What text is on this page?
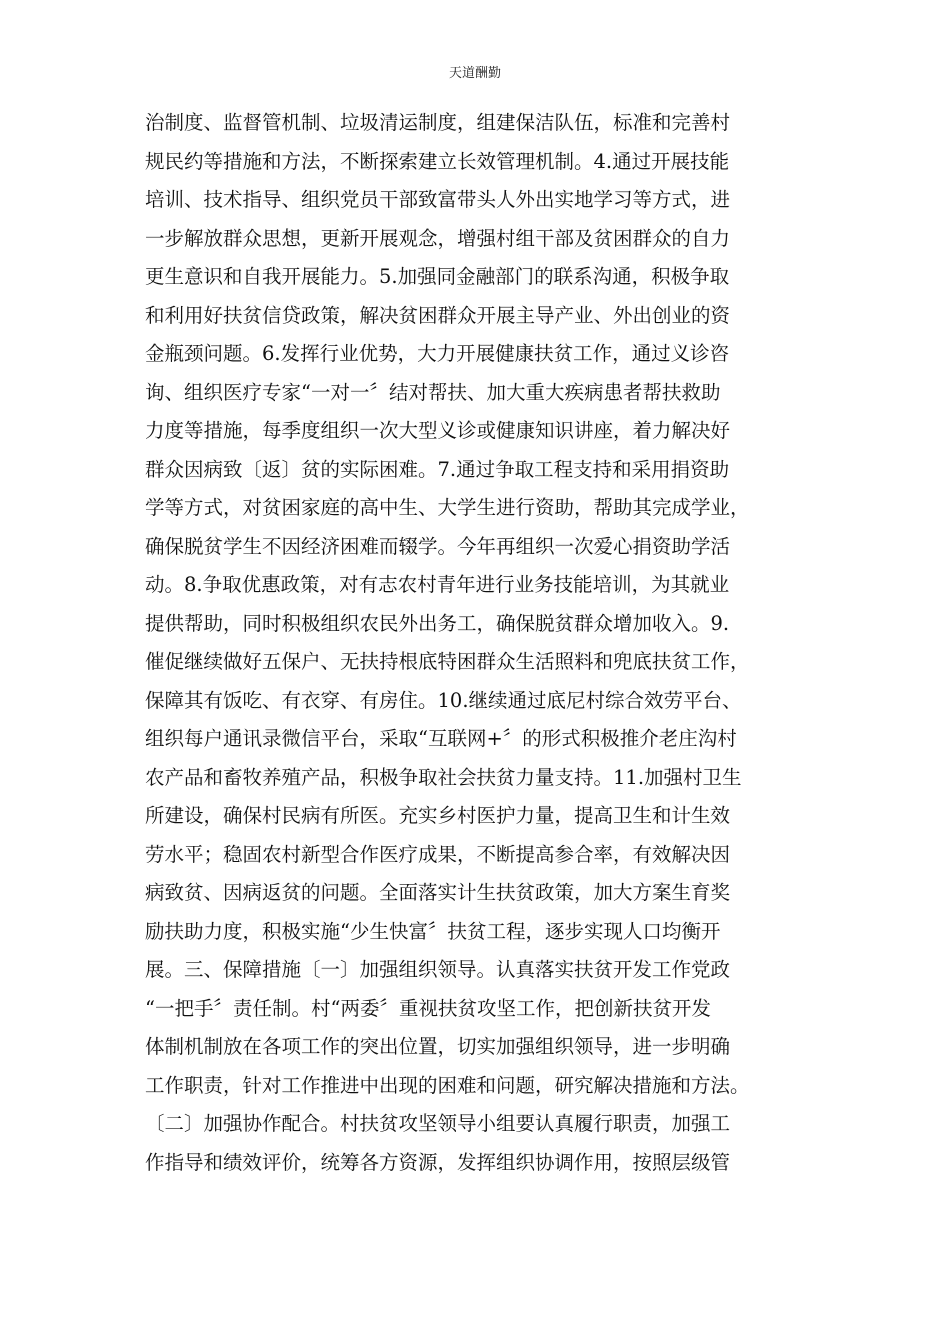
天道酬勤
治制度、监督管机制、垃圾清运制度，组建保洁队伍，标准和完善村
规民约等措施和方法，不断探索建立长效管理机制。4.通过开展技能
培训、技术指导、组织党员干部致富带头人外出实地学习等方式，进
一步解放群众思想，更新开展观念，增强村组干部及贫困群众的自力
更生意识和自我开展能力。5.加强同金融部门的联系沟通，积极争取
和利用好扶贫信贷政策，解决贫困群众开展主导产业、外出创业的资
金瓶颈问题。6.发挥行业优势，大力开展健康扶贫工作，通过义诊咨
询、组织医疗专家“一对一〞结对帮扶、加大重大疾病患者帮扶救助
力度等措施，每季度组织一次大型义诊或健康知识讲座，着力解决好
群众因病致〔返〕贫的实际困难。7.通过争取工程支持和采用捐资助
学等方式，对贫困家庭的高中生、大学生进行资助，帮助其完成学业，
确保脱贫学生不因经济困难而辍学。今年再组织一次爱心捐资助学活
动。8.争取优惠政策，对有志农村青年进行业务技能培训，为其就业
提供帮助，同时积极组织农民外出务工，确保脱贫群众增加收入。9.
催促继续做好五保户、无扶持根底特困群众生活照料和兜底扶贫工作，
保障其有饭吃、有衣穿、有房住。10.继续通过底尼村综合效劳平台、
组织每户通讯录微信平台，采取“互联网+〞的形式积极推介老庄沟村
农产品和畜牧养殖产品，积极争取社会扶贫力量支持。11.加强村卫生
所建设，确保村民病有所医。充实乡村医护力量，提高卫生和计生效
劳水平；稳固农村新型合作医疗成果，不断提高参合率，有效解决因
病致贫、因病返贫的问题。全面落实计生扶贫政策，加大方案生育奖
励扶助力度，积极实施“少生快富〞扶贫工程，逐步实现人口均衡开
展。三、保障措施〔一〕加强组织领导。认真落实扶贫开发工作党政
“一把手〞责任制。村“两委〞重视扶贫攻坚工作，把创新扶贫开发
体制机制放在各项工作的突出位置，切实加强组织领导，进一步明确
工作职责，针对工作推进中出现的困难和问题，研究解决措施和方法。
〔二〕加强协作配合。村扶贫攻坚领导小组要认真履行职责，加强工
作指导和绩效评价，统筹各方资源，发挥组织协调作用，按照层级管
